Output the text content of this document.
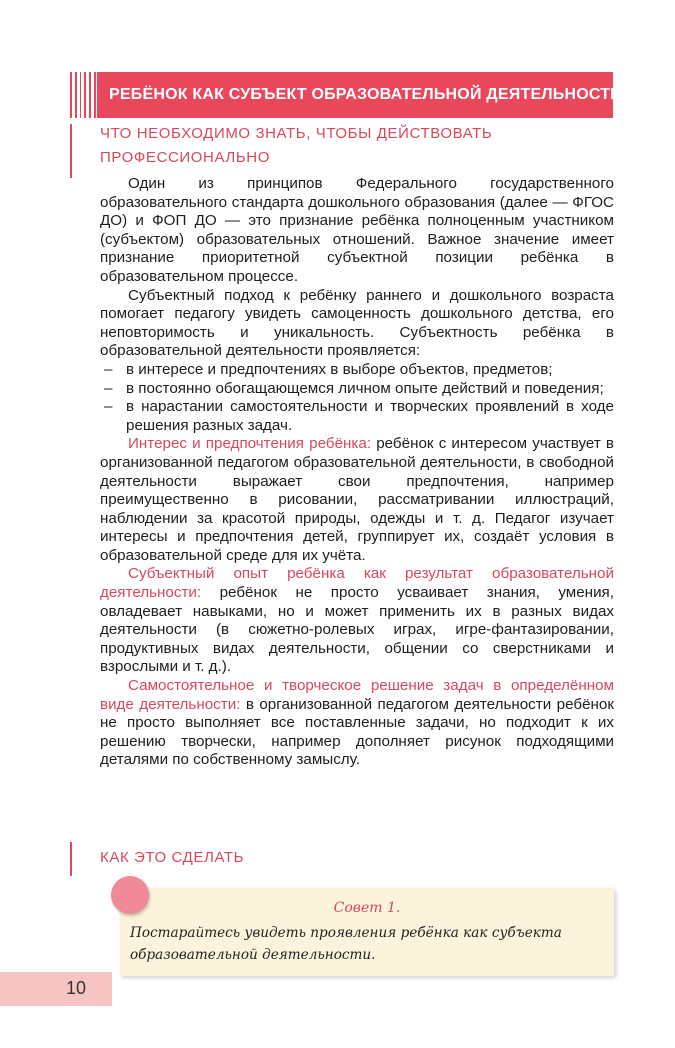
РЕБЁНОК КАК СУБЪЕКТ ОБРАЗОВАТЕЛЬНОЙ ДЕЯТЕЛЬНОСТИ
ЧТО НЕОБХОДИМО ЗНАТЬ, ЧТОБЫ ДЕЙСТВОВАТЬ
ПРОФЕССИОНАЛЬНО

Один из принципов Федерального государственного образовательного стандарта дошкольного образования (далее — ФГОС ДО) и ФОП ДО — это признание ребёнка полноценным участником (субъектом) образовательных отношений. Важное значение имеет признание приоритетной субъектной позиции ребёнка в образовательном процессе.

Субъектный подход к ребёнку раннего и дошкольного возраста помогает педагогу увидеть самоценность дошкольного детства, его неповторимость и уникальность. Субъектность ребёнка в образовательной деятельности проявляется:

– в интересе и предпочтениях в выборе объектов, предметов;
– в постоянно обогащающемся личном опыте действий и поведения;
– в нарастании самостоятельности и творческих проявлений в ходе решения разных задач.

Интерес и предпочтения ребёнка: ребёнок с интересом участвует в организованной педагогом образовательной деятельности, в свободной деятельности выражает свои предпочтения, например преимущественно в рисовании, рассматривании иллюстраций, наблюдении за красотой природы, одежды и т. д. Педагог изучает интересы и предпочтения детей, группирует их, создаёт условия в образовательной среде для их учёта.

Субъектный опыт ребёнка как результат образовательной деятельности: ребёнок не просто усваивает знания, умения, овладевает навыками, но и может применить их в разных видах деятельности (в сюжетно-ролевых играх, игре-фантазировании, продуктивных видах деятельности, общении со сверстниками и взрослыми и т. д.).

Самостоятельное и творческое решение задач в определённом виде деятельности: в организованной педагогом деятельности ребёнок не просто выполняет все поставленные задачи, но подходит к их решению творчески, например дополняет рисунок подходящими деталями по собственному замыслу.

КАК ЭТО СДЕЛАТЬ
Совет 1.
Постарайтесь увидеть проявления ребёнка как субъекта образовательной деятельности.
10
